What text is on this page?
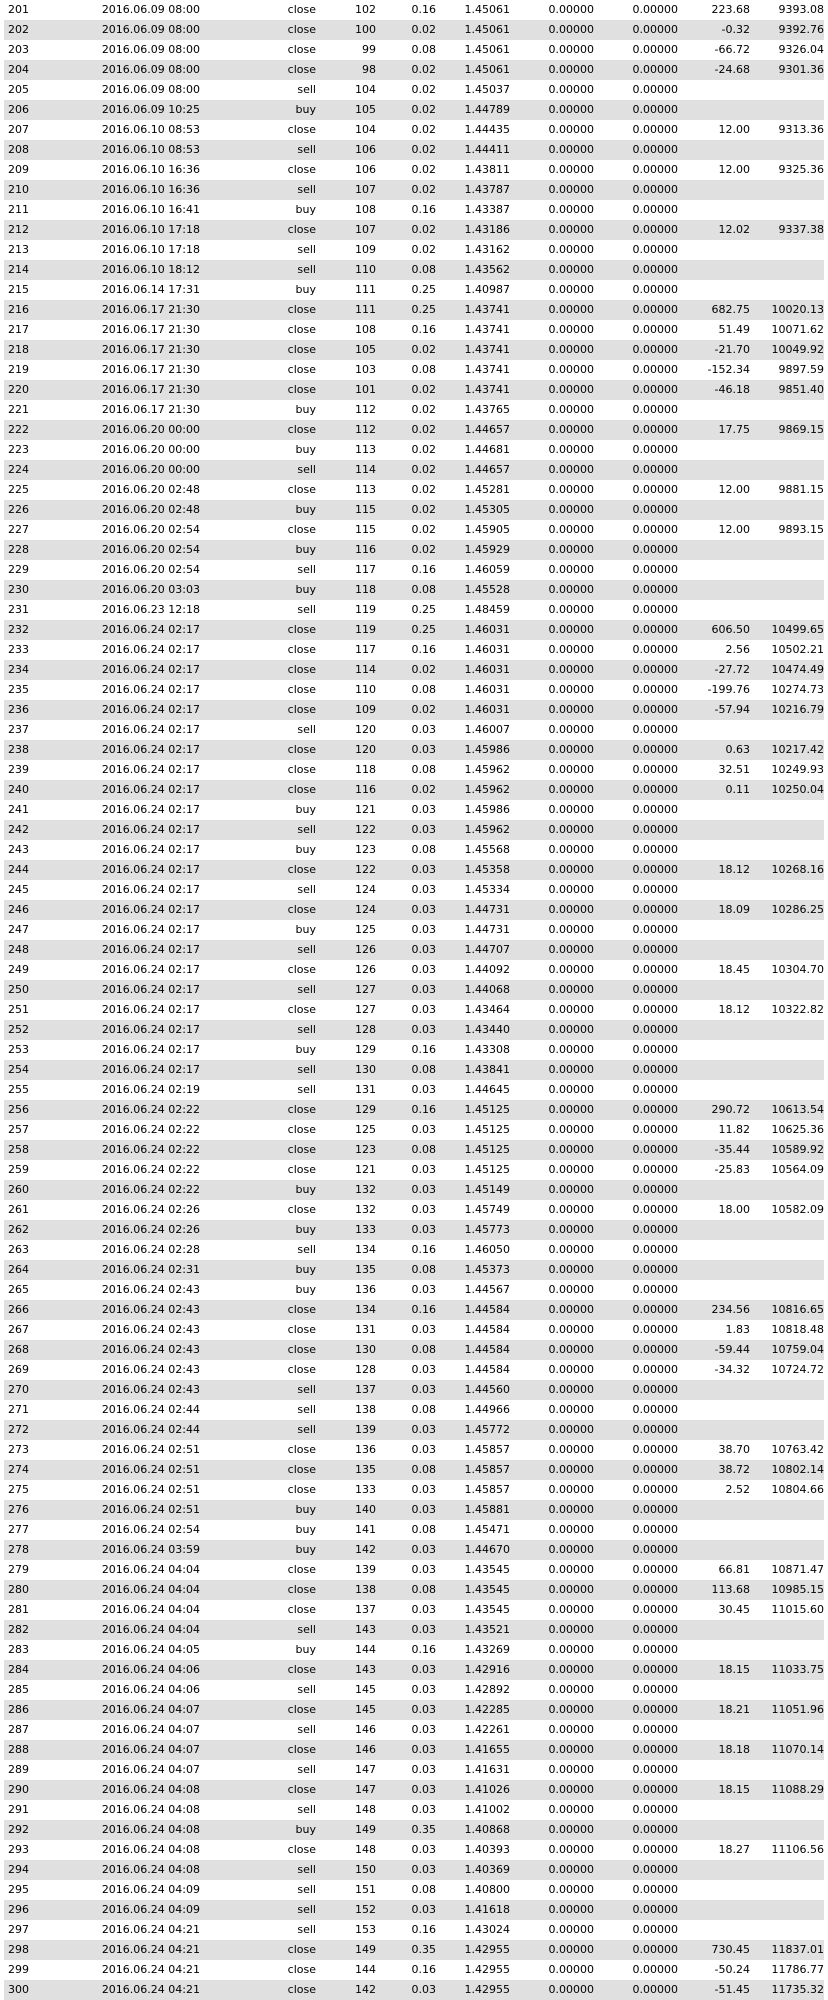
201	2016.06.09 08:00	close	102	0.16	1.45061	0.00000	0.00000	223.68	9393.08
202	2016.06.09 08:00	close	100	0.02	1.45061	0.00000	0.00000	-0.32	9392.76
203	2016.06.09 08:00	close	99	0.08	1.45061	0.00000	0.00000	-66.72	9326.04
204	2016.06.09 08:00	close	98	0.02	1.45061	0.00000	0.00000	-24.68	9301.36
205	2016.06.09 08:00	sell	104	0.02	1.45037	0.00000	0.00000
206	2016.06.09 10:25	buy	105	0.02	1.44789	0.00000	0.00000
207	2016.06.10 08:53	close	104	0.02	1.44435	0.00000	0.00000	12.00	9313.36
208	2016.06.10 08:53	sell	106	0.02	1.44411	0.00000	0.00000
209	2016.06.10 16:36	close	106	0.02	1.43811	0.00000	0.00000	12.00	9325.36
210	2016.06.10 16:36	sell	107	0.02	1.43787	0.00000	0.00000
211	2016.06.10 16:41	buy	108	0.16	1.43387	0.00000	0.00000
212	2016.06.10 17:18	close	107	0.02	1.43186	0.00000	0.00000	12.02	9337.38
213	2016.06.10 17:18	sell	109	0.02	1.43162	0.00000	0.00000
214	2016.06.10 18:12	sell	110	0.08	1.43562	0.00000	0.00000
215	2016.06.14 17:31	buy	111	0.25	1.40987	0.00000	0.00000
216	2016.06.17 21:30	close	111	0.25	1.43741	0.00000	0.00000	682.75	10020.13
217	2016.06.17 21:30	close	108	0.16	1.43741	0.00000	0.00000	51.49	10071.62
218	2016.06.17 21:30	close	105	0.02	1.43741	0.00000	0.00000	-21.70	10049.92
219	2016.06.17 21:30	close	103	0.08	1.43741	0.00000	0.00000	-152.34	9897.59
220	2016.06.17 21:30	close	101	0.02	1.43741	0.00000	0.00000	-46.18	9851.40
221	2016.06.17 21:30	buy	112	0.02	1.43765	0.00000	0.00000
222	2016.06.20 00:00	close	112	0.02	1.44657	0.00000	0.00000	17.75	9869.15
223	2016.06.20 00:00	buy	113	0.02	1.44681	0.00000	0.00000
224	2016.06.20 00:00	sell	114	0.02	1.44657	0.00000	0.00000
225	2016.06.20 02:48	close	113	0.02	1.45281	0.00000	0.00000	12.00	9881.15
226	2016.06.20 02:48	buy	115	0.02	1.45305	0.00000	0.00000
227	2016.06.20 02:54	close	115	0.02	1.45905	0.00000	0.00000	12.00	9893.15
228	2016.06.20 02:54	buy	116	0.02	1.45929	0.00000	0.00000
229	2016.06.20 02:54	sell	117	0.16	1.46059	0.00000	0.00000
230	2016.06.20 03:03	buy	118	0.08	1.45528	0.00000	0.00000
231	2016.06.23 12:18	sell	119	0.25	1.48459	0.00000	0.00000
232	2016.06.24 02:17	close	119	0.25	1.46031	0.00000	0.00000	606.50	10499.65
233	2016.06.24 02:17	close	117	0.16	1.46031	0.00000	0.00000	2.56	10502.21
234	2016.06.24 02:17	close	114	0.02	1.46031	0.00000	0.00000	-27.72	10474.49
235	2016.06.24 02:17	close	110	0.08	1.46031	0.00000	0.00000	-199.76	10274.73
236	2016.06.24 02:17	close	109	0.02	1.46031	0.00000	0.00000	-57.94	10216.79
237	2016.06.24 02:17	sell	120	0.03	1.46007	0.00000	0.00000
238	2016.06.24 02:17	close	120	0.03	1.45986	0.00000	0.00000	0.63	10217.42
239	2016.06.24 02:17	close	118	0.08	1.45962	0.00000	0.00000	32.51	10249.93
240	2016.06.24 02:17	close	116	0.02	1.45962	0.00000	0.00000	0.11	10250.04
241	2016.06.24 02:17	buy	121	0.03	1.45986	0.00000	0.00000
242	2016.06.24 02:17	sell	122	0.03	1.45962	0.00000	0.00000
243	2016.06.24 02:17	buy	123	0.08	1.45568	0.00000	0.00000
244	2016.06.24 02:17	close	122	0.03	1.45358	0.00000	0.00000	18.12	10268.16
245	2016.06.24 02:17	sell	124	0.03	1.45334	0.00000	0.00000
246	2016.06.24 02:17	close	124	0.03	1.44731	0.00000	0.00000	18.09	10286.25
247	2016.06.24 02:17	buy	125	0.03	1.44731	0.00000	0.00000
248	2016.06.24 02:17	sell	126	0.03	1.44707	0.00000	0.00000
249	2016.06.24 02:17	close	126	0.03	1.44092	0.00000	0.00000	18.45	10304.70
250	2016.06.24 02:17	sell	127	0.03	1.44068	0.00000	0.00000
251	2016.06.24 02:17	close	127	0.03	1.43464	0.00000	0.00000	18.12	10322.82
252	2016.06.24 02:17	sell	128	0.03	1.43440	0.00000	0.00000
253	2016.06.24 02:17	buy	129	0.16	1.43308	0.00000	0.00000
254	2016.06.24 02:17	sell	130	0.08	1.43841	0.00000	0.00000
255	2016.06.24 02:19	sell	131	0.03	1.44645	0.00000	0.00000
256	2016.06.24 02:22	close	129	0.16	1.45125	0.00000	0.00000	290.72	10613.54
257	2016.06.24 02:22	close	125	0.03	1.45125	0.00000	0.00000	11.82	10625.36
258	2016.06.24 02:22	close	123	0.08	1.45125	0.00000	0.00000	-35.44	10589.92
259	2016.06.24 02:22	close	121	0.03	1.45125	0.00000	0.00000	-25.83	10564.09
260	2016.06.24 02:22	buy	132	0.03	1.45149	0.00000	0.00000
261	2016.06.24 02:26	close	132	0.03	1.45749	0.00000	0.00000	18.00	10582.09
262	2016.06.24 02:26	buy	133	0.03	1.45773	0.00000	0.00000
263	2016.06.24 02:28	sell	134	0.16	1.46050	0.00000	0.00000
264	2016.06.24 02:31	buy	135	0.08	1.45373	0.00000	0.00000
265	2016.06.24 02:43	buy	136	0.03	1.44567	0.00000	0.00000
266	2016.06.24 02:43	close	134	0.16	1.44584	0.00000	0.00000	234.56	10816.65
267	2016.06.24 02:43	close	131	0.03	1.44584	0.00000	0.00000	1.83	10818.48
268	2016.06.24 02:43	close	130	0.08	1.44584	0.00000	0.00000	-59.44	10759.04
269	2016.06.24 02:43	close	128	0.03	1.44584	0.00000	0.00000	-34.32	10724.72
270	2016.06.24 02:43	sell	137	0.03	1.44560	0.00000	0.00000
271	2016.06.24 02:44	sell	138	0.08	1.44966	0.00000	0.00000
272	2016.06.24 02:44	sell	139	0.03	1.45772	0.00000	0.00000
273	2016.06.24 02:51	close	136	0.03	1.45857	0.00000	0.00000	38.70	10763.42
274	2016.06.24 02:51	close	135	0.08	1.45857	0.00000	0.00000	38.72	10802.14
275	2016.06.24 02:51	close	133	0.03	1.45857	0.00000	0.00000	2.52	10804.66
276	2016.06.24 02:51	buy	140	0.03	1.45881	0.00000	0.00000
277	2016.06.24 02:54	buy	141	0.08	1.45471	0.00000	0.00000
278	2016.06.24 03:59	buy	142	0.03	1.44670	0.00000	0.00000
279	2016.06.24 04:04	close	139	0.03	1.43545	0.00000	0.00000	66.81	10871.47
280	2016.06.24 04:04	close	138	0.08	1.43545	0.00000	0.00000	113.68	10985.15
281	2016.06.24 04:04	close	137	0.03	1.43545	0.00000	0.00000	30.45	11015.60
282	2016.06.24 04:04	sell	143	0.03	1.43521	0.00000	0.00000
283	2016.06.24 04:05	buy	144	0.16	1.43269	0.00000	0.00000
284	2016.06.24 04:06	close	143	0.03	1.42916	0.00000	0.00000	18.15	11033.75
285	2016.06.24 04:06	sell	145	0.03	1.42892	0.00000	0.00000
286	2016.06.24 04:07	close	145	0.03	1.42285	0.00000	0.00000	18.21	11051.96
287	2016.06.24 04:07	sell	146	0.03	1.42261	0.00000	0.00000
288	2016.06.24 04:07	close	146	0.03	1.41655	0.00000	0.00000	18.18	11070.14
289	2016.06.24 04:07	sell	147	0.03	1.41631	0.00000	0.00000
290	2016.06.24 04:08	close	147	0.03	1.41026	0.00000	0.00000	18.15	11088.29
291	2016.06.24 04:08	sell	148	0.03	1.41002	0.00000	0.00000
292	2016.06.24 04:08	buy	149	0.35	1.40868	0.00000	0.00000
293	2016.06.24 04:08	close	148	0.03	1.40393	0.00000	0.00000	18.27	11106.56
294	2016.06.24 04:08	sell	150	0.03	1.40369	0.00000	0.00000
295	2016.06.24 04:09	sell	151	0.08	1.40800	0.00000	0.00000
296	2016.06.24 04:09	sell	152	0.03	1.41618	0.00000	0.00000
297	2016.06.24 04:21	sell	153	0.16	1.43024	0.00000	0.00000
298	2016.06.24 04:21	close	149	0.35	1.42955	0.00000	0.00000	730.45	11837.01
299	2016.06.24 04:21	close	144	0.16	1.42955	0.00000	0.00000	-50.24	11786.77
300	2016.06.24 04:21	close	142	0.03	1.42955	0.00000	0.00000	-51.45	11735.32
